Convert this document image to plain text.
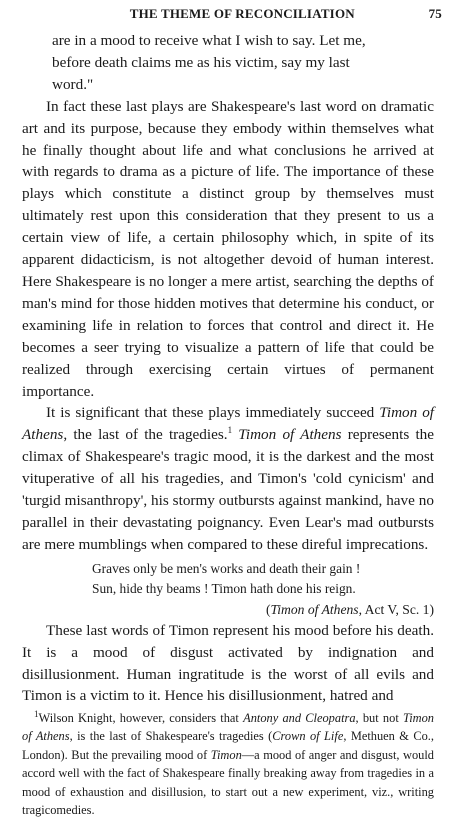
THE THEME OF RECONCILIATION	75

are in a mood to receive what I wish to say. Let me,

before death claims me as his victim, say my last

word."

In fact these last plays are Shakespeare's last word on dramatic art and its purpose, because they embody within themselves what he finally thought about life and what conclusions he arrived at with regards to drama as a picture of life. The importance of these plays which constitute a distinct group by themselves must ultimately rest upon this consideration that they present to us a certain view of life, a certain philosophy which, in spite of its apparent didacticism, is not altogether devoid of human interest. Here Shakespeare is no longer a mere artist, searching the depths of man's mind for those hidden motives that determine his conduct, or examining life in relation to forces that control and direct it. He becomes a seer trying to visualize a pattern of life that could be realized through exercising certain virtues of permanent importance.

It is significant that these plays immediately succeed Timon of Athens, the last of the tragedies.$^1$ Timon of Athens represents the climax of Shakespeare's tragic mood, it is the darkest and the most vituperative of all his tragedies, and Timon's 'cold cynicism' and 'turgid misanthropy', his stormy outbursts against mankind, have no parallel in their devastating poignancy. Even Lear's mad outbursts are mere mumblings when compared to these direful imprecations.

Graves only be men's works and death their gain !
Sun, hide thy beams ! Timon hath done his reign.

(Timon of Athens, Act V, Sc. 1)

These last words of Timon represent his mood before his death. It is a mood of disgust activated by indignation and disillusionment. Human ingratitude is the worst of all evils and Timon is a victim to it. Hence his disillusionment, hatred and

$^1$Wilson Knight, however, considers that Antony and Cleopatra, but not Timon of Athens, is the last of Shakespeare's tragedies (Crown of Life, Methuen & Co., London). But the prevailing mood of Timon—a mood of anger and disgust, would accord well with the fact of Shakespeare finally breaking away from tragedies in a mood of exhaustion and disillusion, to start out a new experiment, viz., writing tragicomedies.
